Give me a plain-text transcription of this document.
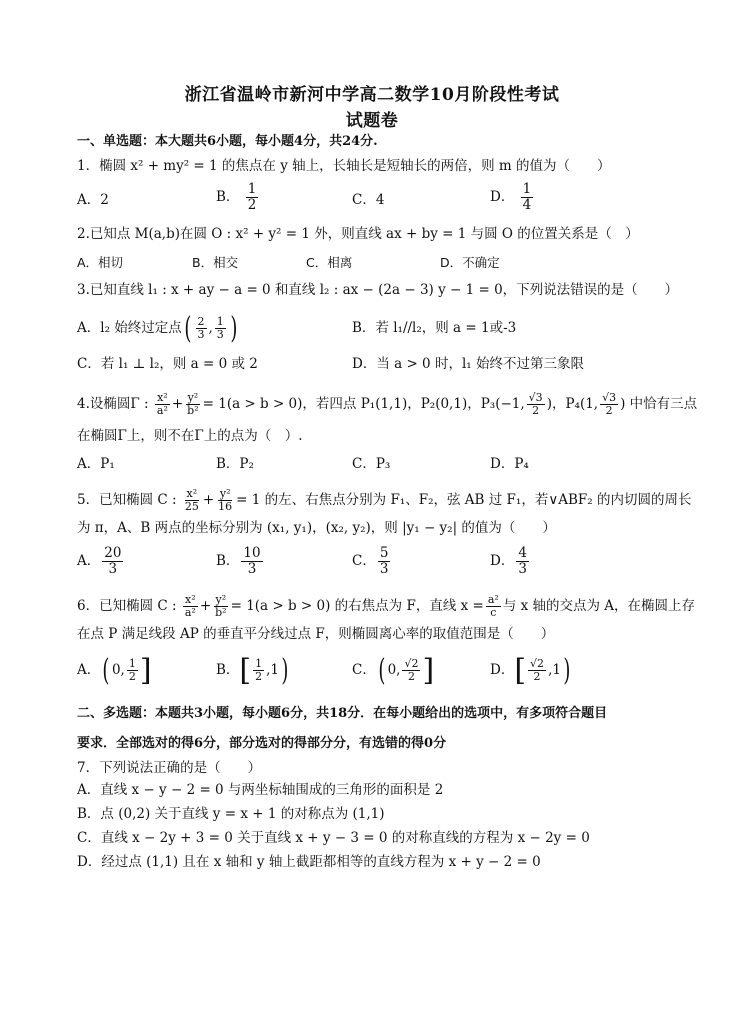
浙江省温岭市新河中学高二数学10月阶段性考试
试题卷
一、单选题：本大题共6小题，每小题4分，共24分.
1．椭圆 x² + my² = 1 的焦点在 y 轴上，长轴长是短轴长的两倍，则 m 的值为（　　）
A．2	B． $\frac{1}{2}$	C．4	D． $\frac{1}{4}$
2.已知点 M(a,b)在圆 O : x² + y² = 1 外，则直线 ax + by = 1 与圆 O 的位置关系是（　）
A．相切	B．相交	C．相离	D．不确定
3.已知直线 l₁ : x + ay − a = 0 和直线 l₂ : ax − (2a − 3) y − 1 = 0，下列说法错误的是（　　）
A．l₂ 始终过定点( $\frac{2}{3}$ , $\frac{1}{3}$ )	B．若 l₁//l₂，则 a = 1或-3
C．若 l₁ ⊥ l₂，则 a = 0 或 2	D．当 a > 0 时，l₁ 始终不过第三象限
4.设椭圆Γ : $\frac{\text{x²}}{\text{a²}} + \frac{\text{y²}}{\text{b²}} = 1(a > b > 0)$，若四点 P₁(1,1)，P₂(0,1)，P₃(−1, $\frac{√3}{2}$ )，P₄(1, $\frac{√3}{2}$ ) 中恰有三点
在椭圆Γ上，则不在Γ上的点为（　）.
A．P₁	B．P₂	C．P₃	D．P₄
5．已知椭圆 C : $\frac{\text{x²}}{25} + \frac{\text{y²}}{16} = 1$ 的左、右焦点分别为 F₁、F₂，弦 AB 过 F₁，若∨ABF₂ 的内切圆的周长
为 π，A、B 两点的坐标分别为 (x₁, y₁)，(x₂, y₂)，则 |y₁ − y₂| 的值为（　　）
A． $\frac{20}{3}$	B． $\frac{10}{3}$	C． $\frac{5}{3}$	D． $\frac{4}{3}$
6．已知椭圆 C : $\frac{\text{x²}}{\text{a²}} + \frac{\text{y²}}{\text{b²}} = 1(a > b > 0)$ 的右焦点为 F，直线 $x = \frac{\text{a²}}{c}$ 与 x 轴的交点为 A，在椭圆上存
在点 P 满足线段 AP 的垂直平分线过点 F，则椭圆离心率的取值范围是（　　）
A．( 0, $\frac{1}{2}$ ]	B．[ $\frac{1}{2} ,1$)	C．( 0, $\frac{√2}{2}$ ]	D．[ $\frac{√2}{2} ,1$)
二、多选题：本题共3小题，每小题6分，共18分．在每小题给出的选项中，有多项符合题目
要求．全部选对的得6分，部分选对的得部分分，有选错的得0分
7．下列说法正确的是（　　）
A．直线 x − y − 2 = 0 与两坐标轴围成的三角形的面积是 2
B．点 (0,2) 关于直线 y = x + 1 的对称点为 (1,1)
C．直线 x − 2y + 3 = 0 关于直线 x + y − 3 = 0 的对称直线的方程为 x − 2y = 0
D．经过点 (1,1) 且在 x 轴和 y 轴上截距都相等的直线方程为 x + y − 2 = 0
